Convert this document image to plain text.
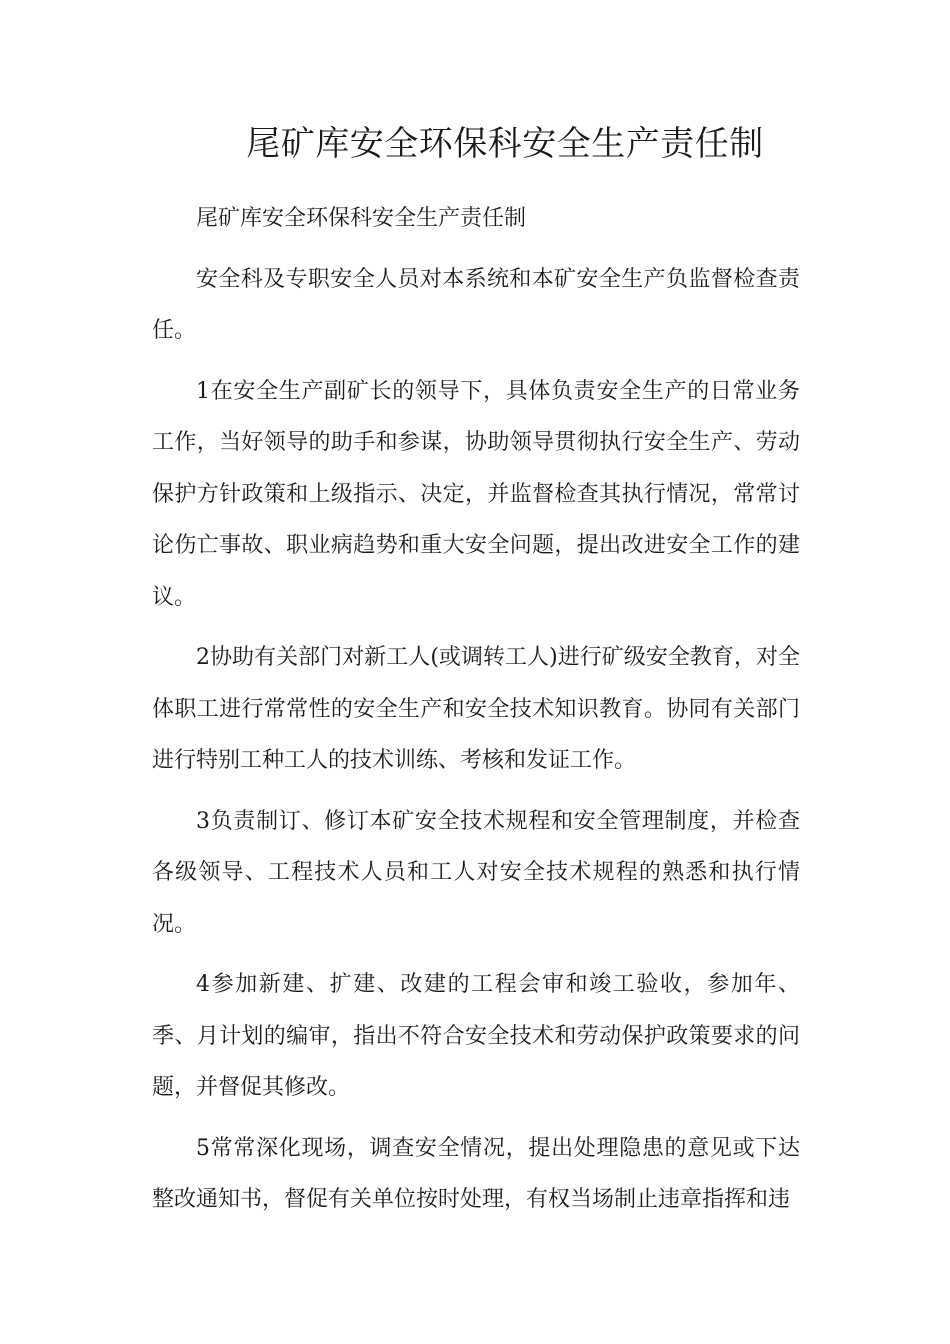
尾矿库安全环保科安全生产责任制

尾矿库安全环保科安全生产责任制

安全科及专职安全人员对本系统和本矿安全生产负监督检查责任。

1在安全生产副矿长的领导下，具体负责安全生产的日常业务工作，当好领导的助手和参谋，协助领导贯彻执行安全生产、劳动保护方针政策和上级指示、决定，并监督检查其执行情况，常常讨论伤亡事故、职业病趋势和重大安全问题，提出改进安全工作的建议。

2协助有关部门对新工人(或调转工人)进行矿级安全教育，对全体职工进行常常性的安全生产和安全技术知识教育。协同有关部门进行特别工种工人的技术训练、考核和发证工作。

3负责制订、修订本矿安全技术规程和安全管理制度，并检查各级领导、工程技术人员和工人对安全技术规程的熟悉和执行情况。

4参加新建、扩建、改建的工程会审和竣工验收，参加年、季、月计划的编审，指出不符合安全技术和劳动保护政策要求的问题，并督促其修改。

5常常深化现场，调查安全情况，提出处理隐患的意见或下达整改通知书，督促有关单位按时处理，有权当场制止违章指挥和违
